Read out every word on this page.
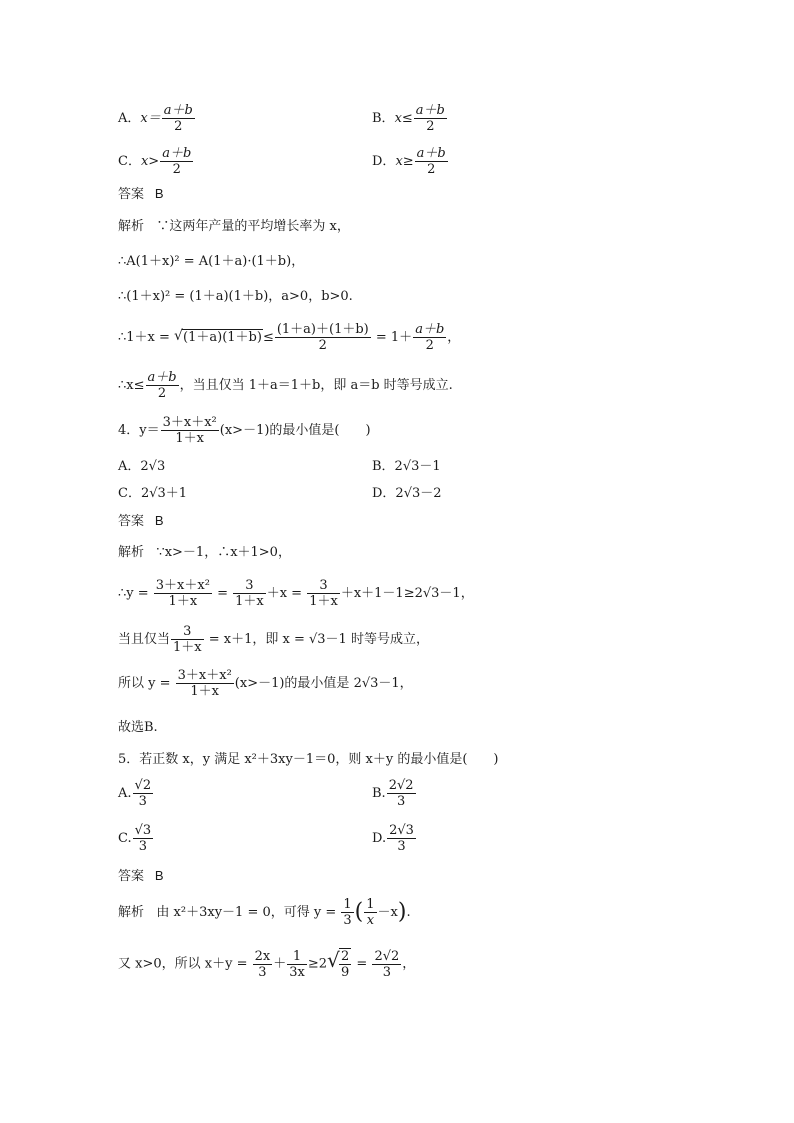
A．$x= \frac{a+b}{2}$	B．$x\le \frac{a+b}{2}$
C．$x> \frac{a+b}{2}$	D．$x\ge \frac{a+b}{2}$
答案 B
解析 ∵这两年产量的平均增长率为 x，
∴A(1＋x)² = A(1＋a)·(1＋b)，
∴(1＋x)² = (1＋a)(1＋b)，a>0，b>0.
∴1＋x = √ $(1+a)(1+b)\le \frac{(1+a)+(1+b)}{2} = 1+ \frac{a+b}{2}$ ，
∴x≤ $\frac{a+b}{2}$ ，当且仅当 1＋a＝1＋b，即 a＝b 时等号成立.
4．$y= \frac{\text{3＋x＋x²}}{1+x} (x>-1)$的最小值是(　　)
A．2√3	B．2√3－1
C．2√3＋1	D．2√3－2
答案 B
解析 ∵x>－1，∴x＋1>0，
∴y = $\frac{\text{3＋x＋x²}}{1+x} = \frac{3}{1+x} +x = \frac{3}{1+x} +x+1-1\ge 2√3-1$，
当且仅当 $\frac{3}{1+x} = x+1$，即 x = √3－1 时等号成立，
所以 $y = \frac{\text{3＋x＋x²}}{1+x} (x>-1)$的最小值是 2√3－1，
故选B.
5．若正数 x，y 满足 x²＋3xy－1＝0，则 x＋y 的最小值是(　　)
A. $\frac{√2}{3}$	B. $\frac{2√2}{3}$
C. $\frac{√3}{3}$	D. $\frac{2√3}{3}$
答案 B
解析 由 x²＋3xy－1 = 0，可得 $y = \frac{1}{3}$ ( $\frac{1}{x} -x$).
又 x>0，所以 $x+y = \frac{2x}{3} + \frac{1}{3x} \ge 2$ √ $\frac{2}{9} = \frac{2√2}{3}$ ，
